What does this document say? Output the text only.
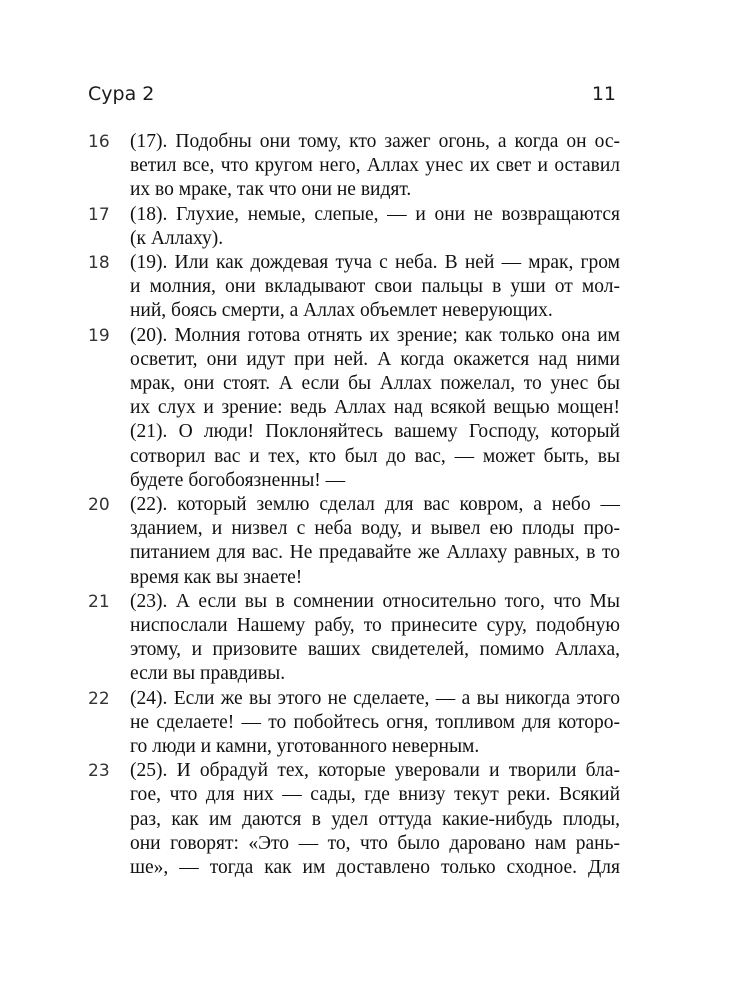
Сура 2	11
16	(17). Подобны они тому, кто зажег огонь, а когда он ос-
ветил все, что кругом него, Аллах унес их свет и оставил
их во мраке, так что они не видят.
17	(18). Глухие, немые, слепые, — и они не возвращаются
(к Аллаху).
18	(19). Или как дождевая туча с неба. В ней — мрак, гром
и молния, они вкладывают свои пальцы в уши от мол-
ний, боясь смерти, а Аллах объемлет неверующих.
19	(20). Молния готова отнять их зрение; как только она им
осветит, они идут при ней. А когда окажется над ними
мрак, они стоят. А если бы Аллах пожелал, то унес бы
их слух и зрение: ведь Аллах над всякой вещью мощен!
(21). О люди! Поклоняйтесь вашему Господу, который
сотворил вас и тех, кто был до вас, — может быть, вы
будете богобоязненны! —
20	(22). который землю сделал для вас ковром, а небо —
зданием, и низвел с неба воду, и вывел ею плоды про-
питанием для вас. Не предавайте же Аллаху равных, в то
время как вы знаете!
21	(23). А если вы в сомнении относительно того, что Мы
ниспослали Нашему рабу, то принесите суру, подобную
этому, и призовите ваших свидетелей, помимо Аллаха,
если вы правдивы.
22	(24). Если же вы этого не сделаете, — а вы никогда этого
не сделаете! — то побойтесь огня, топливом для которо-
го люди и камни, уготованного неверным.
23	(25). И обрадуй тех, которые уверовали и творили бла-
гое, что для них — сады, где внизу текут реки. Всякий
раз, как им даются в удел оттуда какие-нибудь плоды,
они говорят: «Это — то, что было даровано нам рань-
ше», — тогда как им доставлено только сходное. Для
